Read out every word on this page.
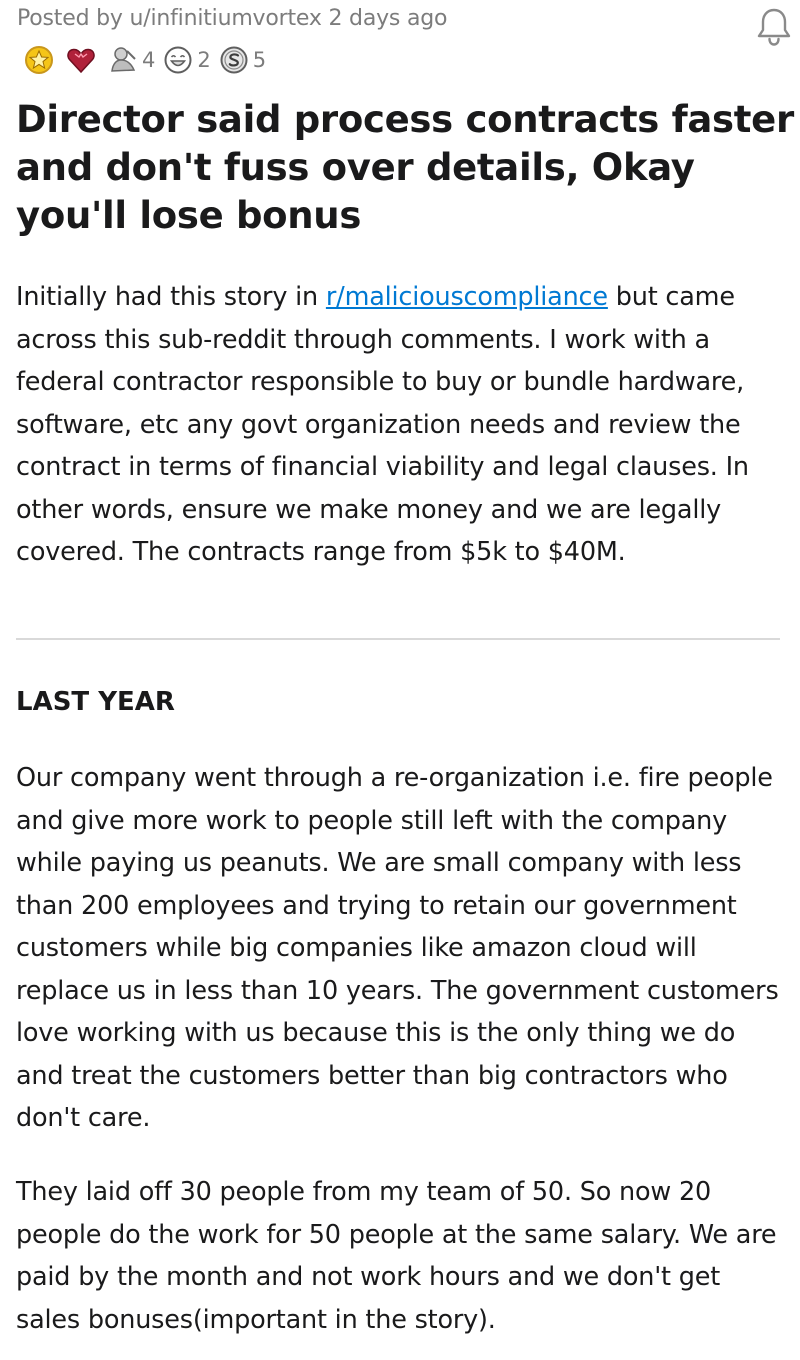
Posted by u/infinitiumvortex 2 days ago
4 2 5
Director said process contracts faster and don't fuss over details, Okay you'll lose bonus

Initially had this story in r/maliciouscompliance but came across this sub-reddit through comments. I work with a federal contractor responsible to buy or bundle hardware, software, etc any govt organization needs and review the contract in terms of financial viability and legal clauses. In other words, ensure we make money and we are legally covered. The contracts range from $5k to $40M.

LAST YEAR

Our company went through a re-organization i.e. fire people and give more work to people still left with the company while paying us peanuts. We are small company with less than 200 employees and trying to retain our government customers while big companies like amazon cloud will replace us in less than 10 years. The government customers love working with us because this is the only thing we do and treat the customers better than big contractors who don't care.

They laid off 30 people from my team of 50. So now 20 people do the work for 50 people at the same salary. We are paid by the month and not work hours and we don't get sales bonuses(important in the story).
